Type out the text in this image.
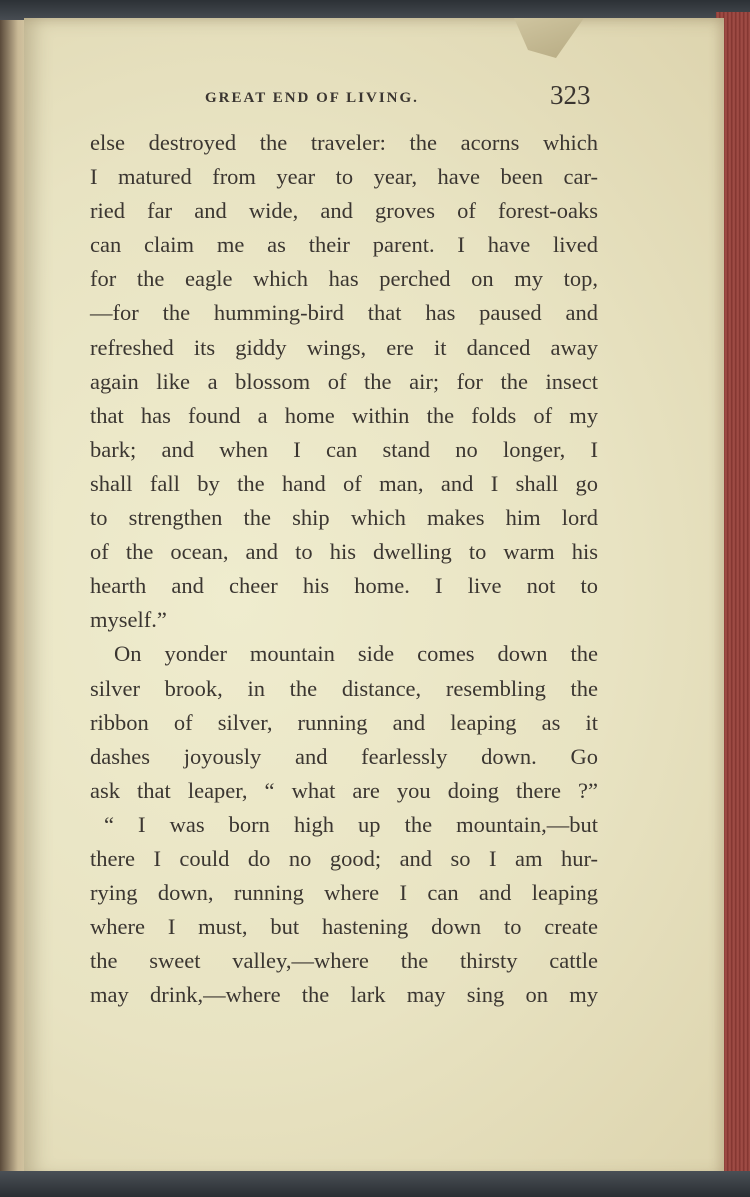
GREAT END OF LIVING.	323
else destroyed the traveler: the acorns which
I matured from year to year, have been car-
ried far and wide, and groves of forest-oaks
can claim me as their parent. I have lived
for the eagle which has perched on my top,
—for the humming-bird that has paused and
refreshed its giddy wings, ere it danced away
again like a blossom of the air; for the insect
that has found a home within the folds of my
bark; and when I can stand no longer, I
shall fall by the hand of man, and I shall go
to strengthen the ship which makes him lord
of the ocean, and to his dwelling to warm his
hearth and cheer his home. I live not to
myself.”
On yonder mountain side comes down the
silver brook, in the distance, resembling the
ribbon of silver, running and leaping as it
dashes joyously and fearlessly down. Go
ask that leaper, “ what are you doing there ?”
“ I was born high up the mountain,—but
there I could do no good; and so I am hur-
rying down, running where I can and leaping
where I must, but hastening down to create
the sweet valley,—where the thirsty cattle
may drink,—where the lark may sing on my
